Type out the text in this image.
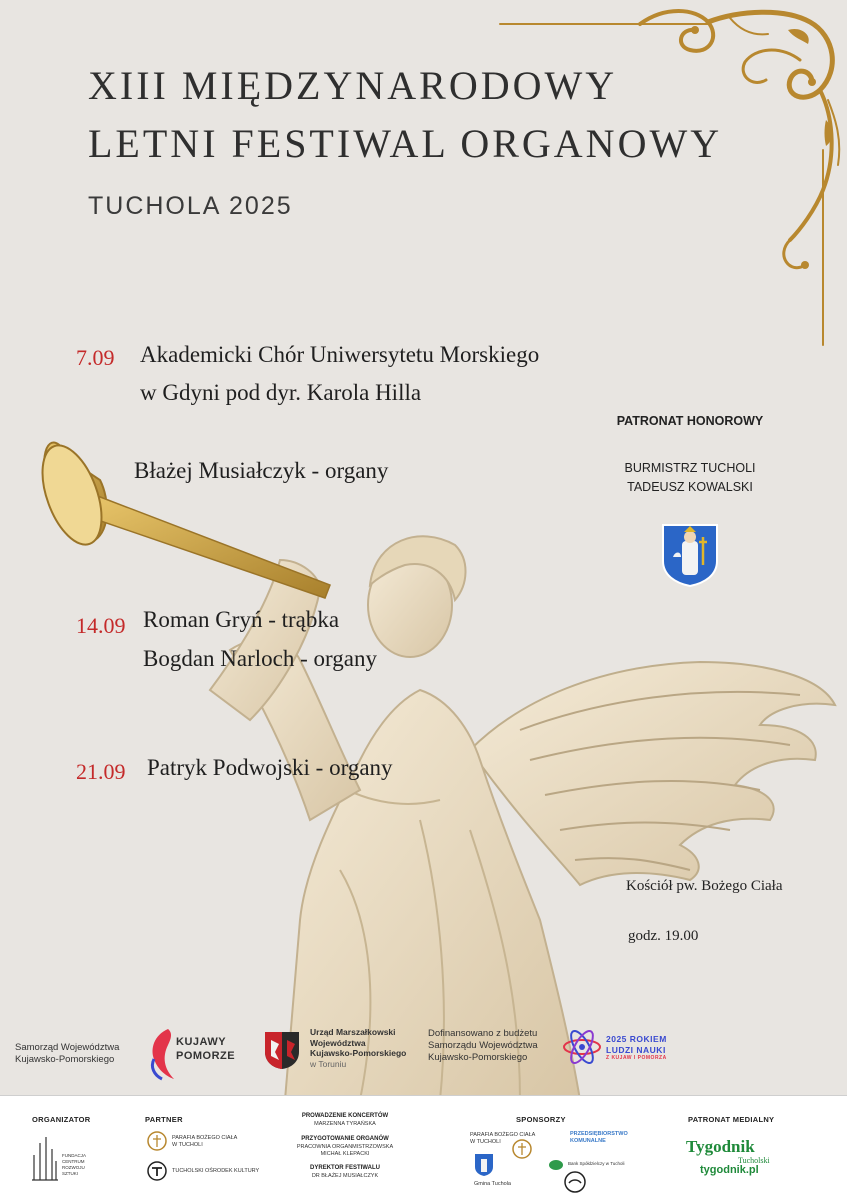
XIII MIĘDZYNARODOWY
LETNI FESTIWAL ORGANOWY
TUCHOLA 2025
7.09 Akademicki Chór Uniwersytetu Morskiego
w Gdyni pod dyr. Karola Hilla
Błażej Musiałczyk - organy
14.09 Roman Gryń - trąbka
Bogdan Narloch - organy
21.09 Patryk Podwojski - organy
PATRONAT HONOROWY
BURMISTRZ TUCHOLI
TADEUSZ KOWALSKI
Kościół pw. Bożego Ciała
godz. 19.00
Samorząd Województwa
Kujawsko-Pomorskiego
KUJAWY
POMORZE
Urząd Marszałkowski
Województwa
Kujawsko-Pomorskiego
w Toruniu
Dofinansowano z budżetu
Samorządu Województwa
Kujawsko-Pomorskiego
2025 ROKIEM
LUDZI NAUKI
Z KUJAW I POMORZA
ORGANIZATOR
FUNDACJA
CENTRUM
ROZWOJU
SZTUKI
PARTNER
PARAFIA BOŻEGO CIAŁA
W TUCHOLI
TUCHOLSKI OŚRODEK KULTURY
PROWADZENIE KONCERTÓW
MARZENNA TYRAŃSKA
PRZYGOTOWANIE ORGANÓW
PRACOWNIA ORGANMISTRZOWSKA
MICHAŁ KLEPACKI
DYREKTOR FESTIWALU
DR BŁAŻEJ MUSIAŁCZYK
SPONSORZY
PARAFIA BOŻEGO CIAŁA
W TUCHOLI
Gmina Tuchola
PRZEDSIĘBIORSTWO
KOMUNALNE
Bank Spółdzielczy w Tucholi
PATRONAT MEDIALNY
Tygodnik
Tucholski
tygodnik.pl
